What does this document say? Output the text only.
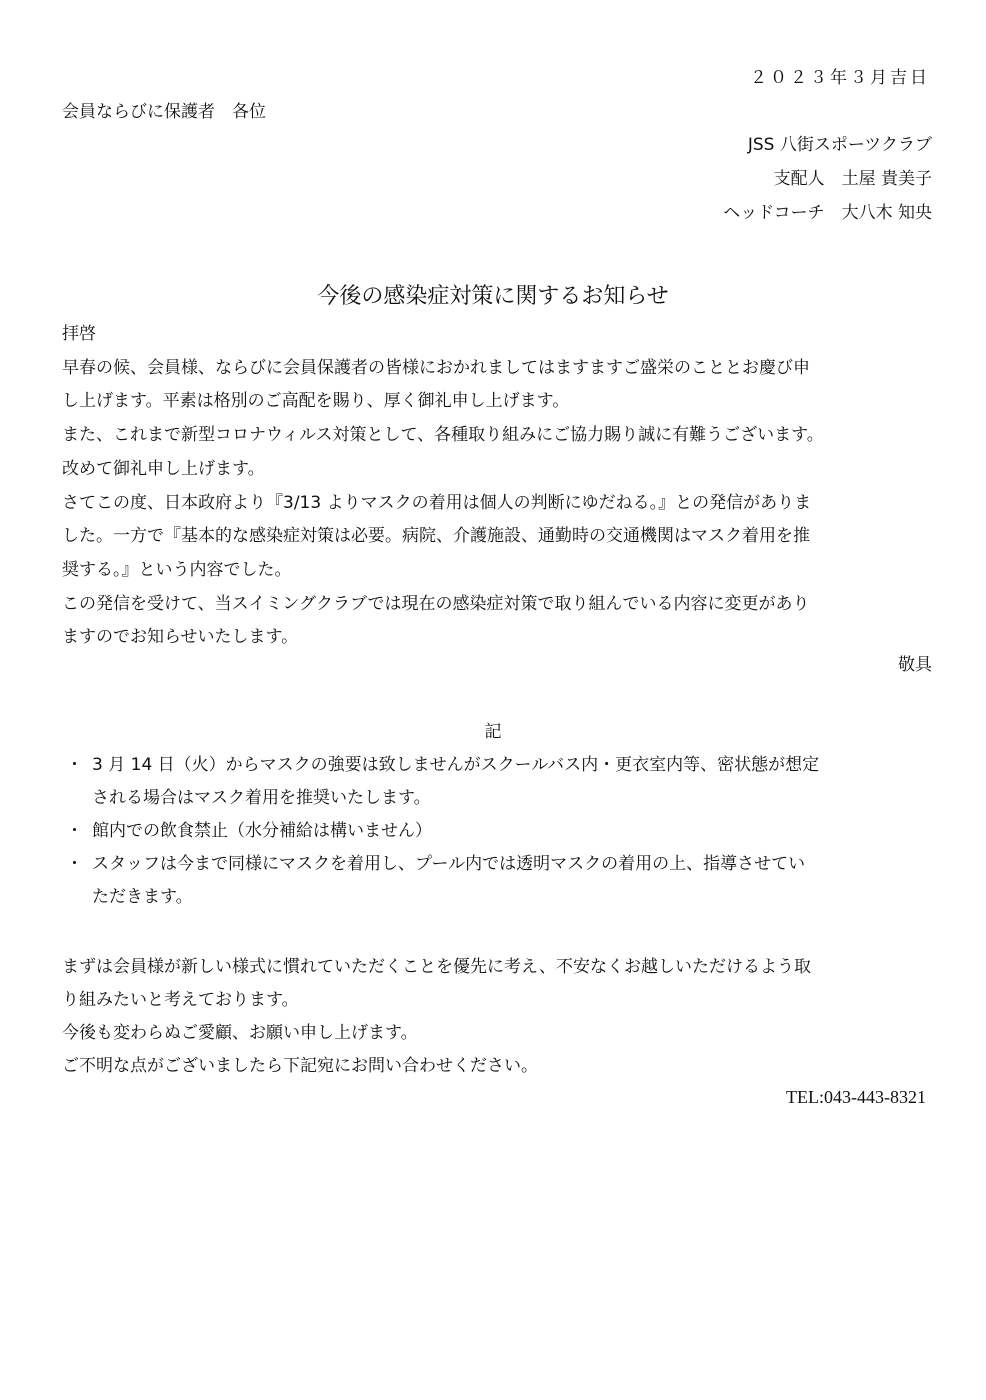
２０２３年３月吉日
会員ならびに保護者　各位
JSS 八街スポーツクラブ
支配人　土屋 貴美子
ヘッドコーチ　大八木 知央
今後の感染症対策に関するお知らせ
拝啓
早春の候、会員様、ならびに会員保護者の皆様におかれましてはますますご盛栄のこととお慶び申
し上げます。平素は格別のご高配を賜り、厚く御礼申し上げます。
また、これまで新型コロナウィルス対策として、各種取り組みにご協力賜り誠に有難うございます。
改めて御礼申し上げます。
さてこの度、日本政府より『3/13 よりマスクの着用は個人の判断にゆだねる。』との発信がありま
した。一方で『基本的な感染症対策は必要。病院、介護施設、通勤時の交通機関はマスク着用を推
奨する。』という内容でした。
この発信を受けて、当スイミングクラブでは現在の感染症対策で取り組んでいる内容に変更があり
ますのでお知らせいたします。
敬具
記
・ 3 月 14 日（火）からマスクの強要は致しませんがスクールバス内・更衣室内等、密状態が想定
される場合はマスク着用を推奨いたします。
・ 館内での飲食禁止（水分補給は構いません）
・ スタッフは今まで同様にマスクを着用し、プール内では透明マスクの着用の上、指導させてい
ただきます。
まずは会員様が新しい様式に慣れていただくことを優先に考え、不安なくお越しいただけるよう取
り組みたいと考えております。
今後も変わらぬご愛顧、お願い申し上げます。
ご不明な点がございましたら下記宛にお問い合わせください。
TEL:043-443-8321
